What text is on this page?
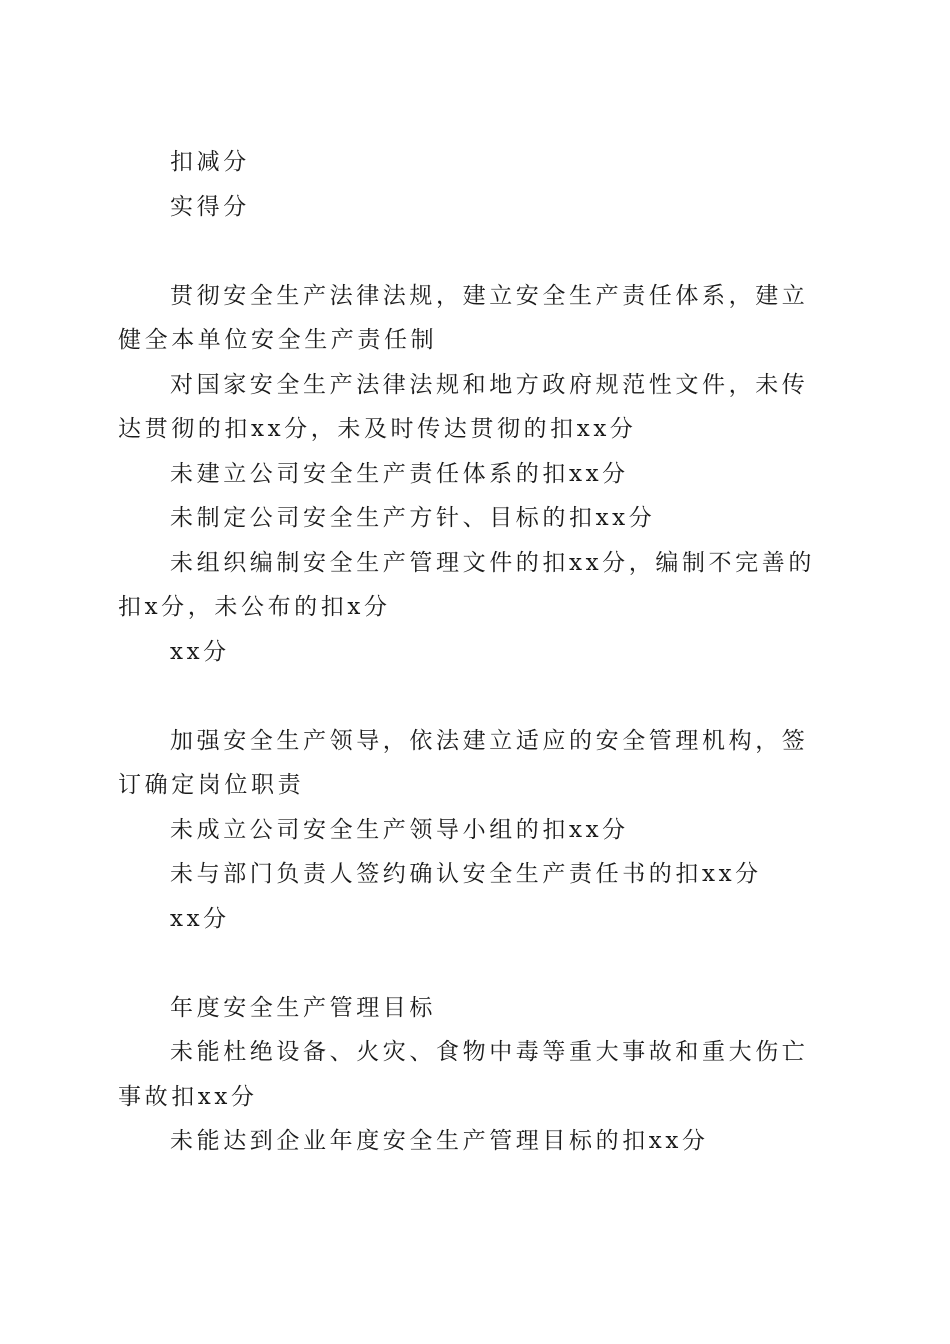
扣减分

实得分

贯彻安全生产法律法规，建立安全生产责任体系，建立健全本单位安全生产责任制

对国家安全生产法律法规和地方政府规范性文件，未传达贯彻的扣xx分，未及时传达贯彻的扣xx分

未建立公司安全生产责任体系的扣xx分

未制定公司安全生产方针、目标的扣xx分

未组织编制安全生产管理文件的扣xx分，编制不完善的扣x分，未公布的扣x分

xx分

加强安全生产领导，依法建立适应的安全管理机构，签订确定岗位职责

未成立公司安全生产领导小组的扣xx分

未与部门负责人签约确认安全生产责任书的扣xx分

xx分

年度安全生产管理目标

未能杜绝设备、火灾、食物中毒等重大事故和重大伤亡事故扣xx分

未能达到企业年度安全生产管理目标的扣xx分
